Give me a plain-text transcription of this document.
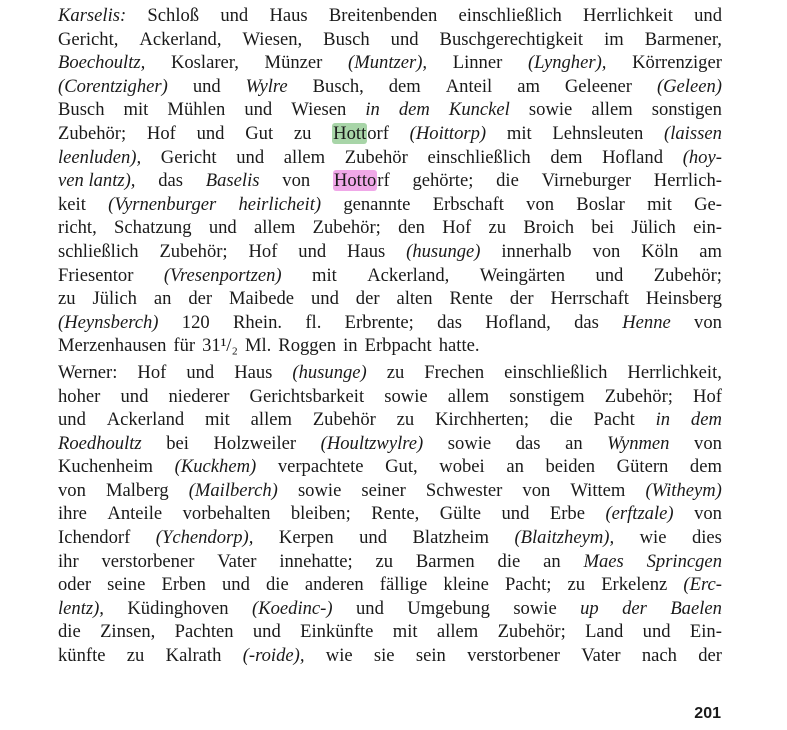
Karselis: Schloß und Haus Breitenbenden einschließlich Herrlichkeit und
Gericht, Ackerland, Wiesen, Busch und Buschgerechtigkeit im Barmener,
Boechoultz, Koslarer, Münzer (Muntzer), Linner (Lyngher), Körrenziger
(Corentzigher) und Wylre Busch, dem Anteil am Geleener (Geleen)
Busch mit Mühlen und Wiesen in dem Kunckel sowie allem sonstigen
Zubehör; Hof und Gut zu Hottorf (Hoittorp) mit Lehnsleuten (laissen
leenluden), Gericht und allem Zubehör einschließlich dem Hofland (hoy-
ven lantz), das Baselis von Hottorf gehörte; die Virneburger Herrlich-
keit (Vyrnenburger heirlicheit) genannte Erbschaft von Boslar mit Ge-
richt, Schatzung und allem Zubehör; den Hof zu Broich bei Jülich ein-
schließlich Zubehör; Hof und Haus (husunge) innerhalb von Köln am
Friesentor (Vresenportzen) mit Ackerland, Weingärten und Zubehör;
zu Jülich an der Maibede und der alten Rente der Herrschaft Heinsberg
(Heynsberch) 120 Rhein. fl. Erbrente; das Hofland, das Henne von
Merzenhausen für 31¹/₂ Ml. Roggen in Erbpacht hatte.
Werner: Hof und Haus (husunge) zu Frechen einschließlich Herrlichkeit,
hoher und niederer Gerichtsbarkeit sowie allem sonstigem Zubehör; Hof
und Ackerland mit allem Zubehör zu Kirchherten; die Pacht in dem
Roedhoultz bei Holzweiler (Houltzwylre) sowie das an Wynmen von
Kuchenheim (Kuckhem) verpachtete Gut, wobei an beiden Gütern dem
von Malberg (Mailberch) sowie seiner Schwester von Wittem (Witheym)
ihre Anteile vorbehalten bleiben; Rente, Gülte und Erbe (erftzale) von
Ichendorf (Ychendorp), Kerpen und Blatzheim (Blaitzheym), wie dies
ihr verstorbener Vater innehatte; zu Barmen die an Maes Sprincgen
oder seine Erben und die anderen fällige kleine Pacht; zu Erkelenz (Erc-
lentz), Küdinghoven (Koedinc-) und Umgebung sowie up der Baelen
die Zinsen, Pachten und Einkünfte mit allem Zubehör; Land und Ein-
künfte zu Kalrath (-roide), wie sie sein verstorbener Vater nach der
201
